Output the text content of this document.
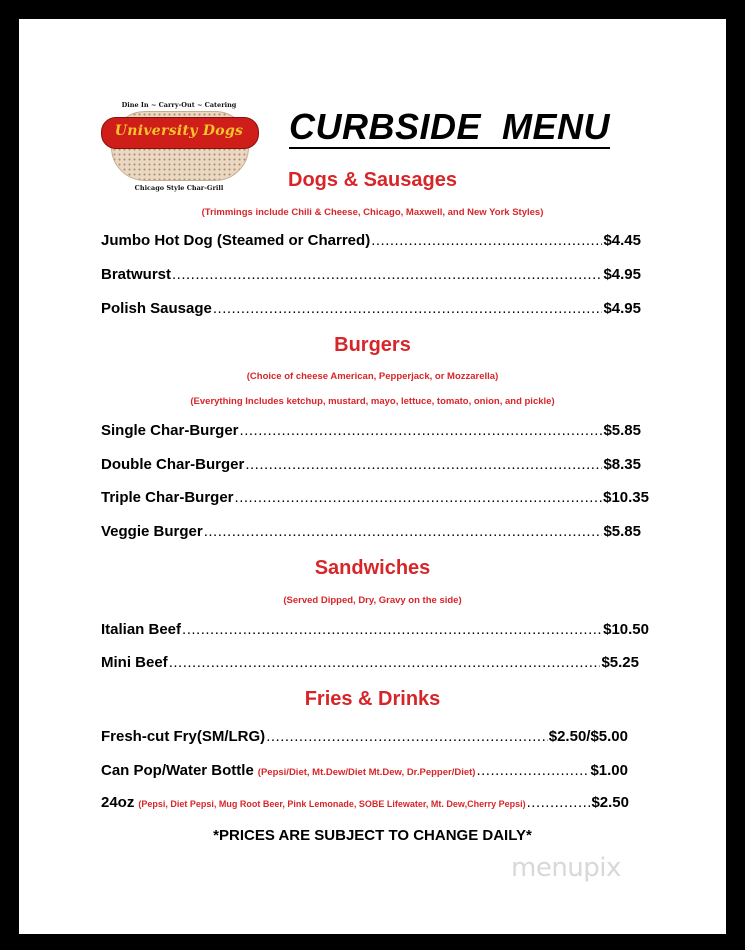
Dine In ~ Carry-Out ~ Catering
University Dogs
Chicago Style Char-Grill
CURBSIDE  MENU
Dogs & Sausages
(Trimmings include Chili & Cheese, Chicago, Maxwell, and New York Styles)
Jumbo Hot Dog (Steamed or Charred) .....	$4.45
Bratwurst .....	$4.95
Polish Sausage .....	$4.95
Burgers
(Choice of cheese American, Pepperjack, or Mozzarella)
(Everything Includes ketchup, mustard, mayo, lettuce, tomato, onion, and pickle)
Single Char-Burger .....	$5.85
Double Char-Burger .....	$8.35
Triple Char-Burger .....	$10.35
Veggie Burger .....	$5.85
Sandwiches
(Served Dipped, Dry, Gravy on the side)
Italian Beef .....	$10.50
Mini Beef .....	$5.25
Fries & Drinks
Fresh-cut Fry(SM/LRG) .....	$2.50/$5.00
Can Pop/Water Bottle (Pepsi/Diet, Mt.Dew/Diet Mt.Dew, Dr.Pepper/Diet) .....	$1.00
24oz (Pepsi, Diet Pepsi, Mug Root Beer, Pink Lemonade, SOBE Lifewater, Mt. Dew,Cherry Pepsi) .....	$2.50
*PRICES ARE SUBJECT TO CHANGE DAILY*
menupix
